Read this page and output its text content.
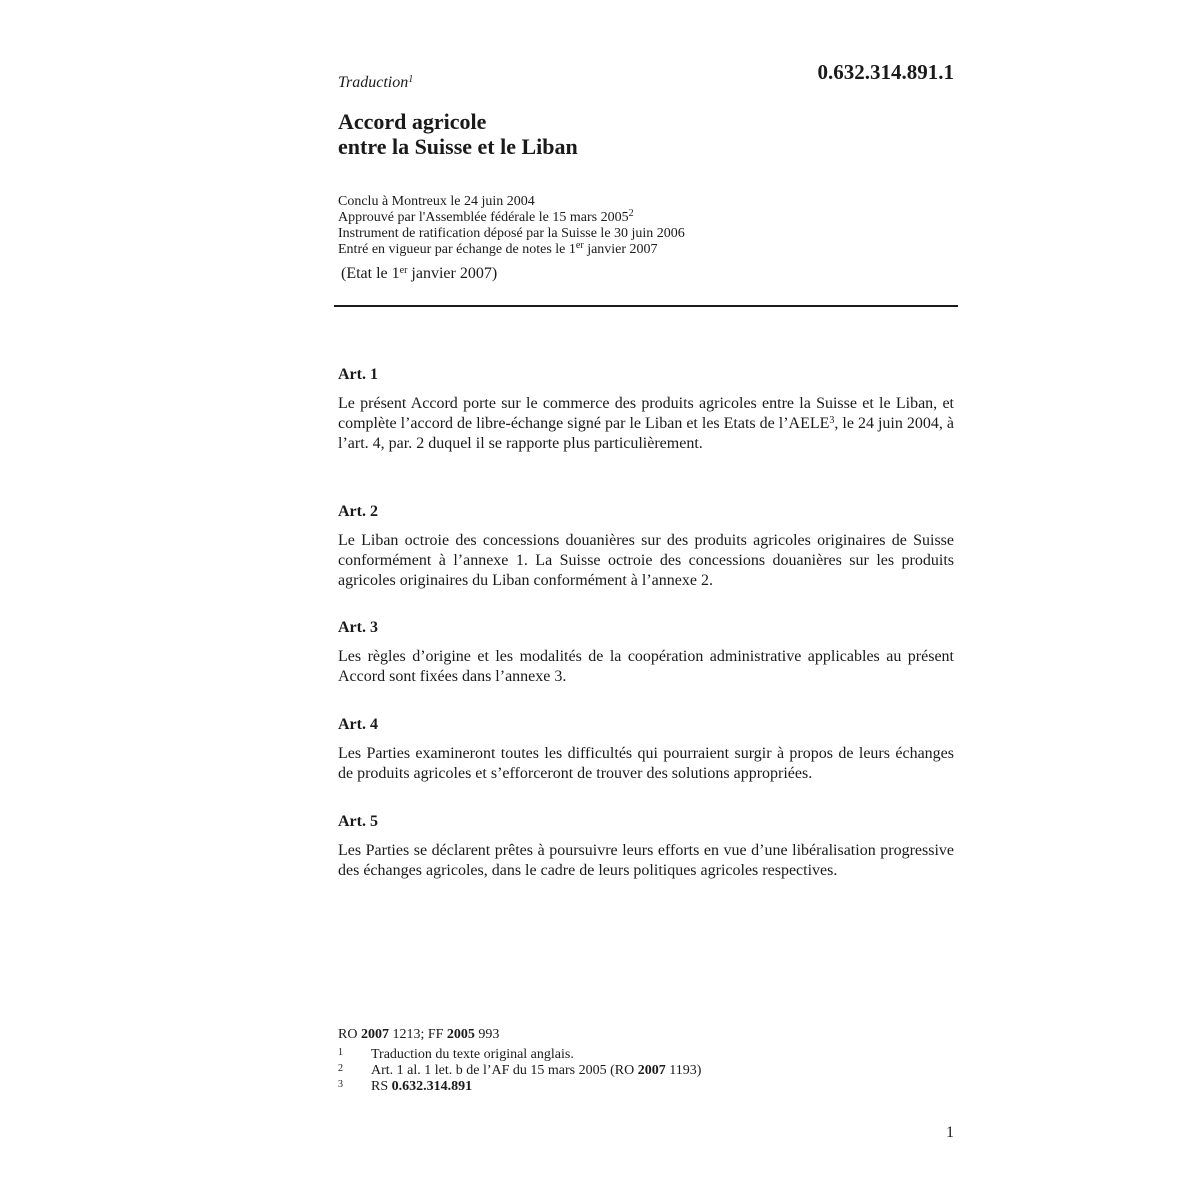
Traduction$^1$	0.632.314.891.1
Accord agricole
entre la Suisse et le Liban
Conclu à Montreux le 24 juin 2004
Approuvé par l'Assemblée fédérale le 15 mars 2005$^2$
Instrument de ratification déposé par la Suisse le 30 juin 2006
Entré en vigueur par échange de notes le 1er janvier 2007
(Etat le 1er janvier 2007)

Art. 1

Le présent Accord porte sur le commerce des produits agricoles entre la Suisse et le Liban, et complète l’accord de libre-échange signé par le Liban et les Etats de l’AELE$^3$, le 24 juin 2004, à l’art. 4, par. 2 duquel il se rapporte plus particulièrement.

Art. 2

Le Liban octroie des concessions douanières sur des produits agricoles originaires de Suisse conformément à l’annexe 1. La Suisse octroie des concessions douanières sur les produits agricoles originaires du Liban conformément à l’annexe 2.

Art. 3

Les règles d’origine et les modalités de la coopération administrative applicables au présent Accord sont fixées dans l’annexe 3.

Art. 4

Les Parties examineront toutes les difficultés qui pourraient surgir à propos de leurs échanges de produits agricoles et s’efforceront de trouver des solutions appropriées.

Art. 5

Les Parties se déclarent prêtes à poursuivre leurs efforts en vue d’une libéralisation progressive des échanges agricoles, dans le cadre de leurs politiques agricoles respectives.

RO 2007 1213; FF 2005 993
1 Traduction du texte original anglais.
2 Art. 1 al. 1 let. b de l’AF du 15 mars 2005 (RO 2007 1193)
3 RS 0.632.314.891
1
